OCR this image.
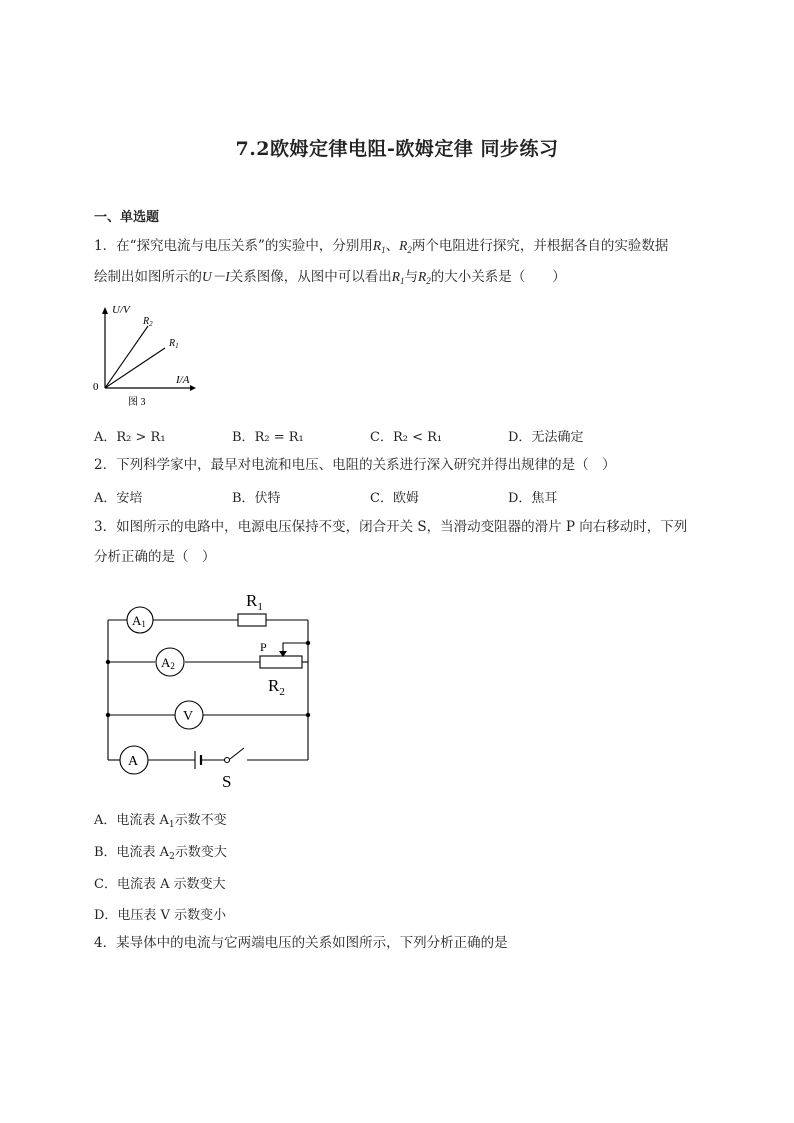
7.2欧姆定律电阻-欧姆定律 同步练习
一、单选题
1．在“探究电流与电压关系”的实验中，分别用$R_1$、$R_2$两个电阻进行探究，并根据各自的实验数据
绘制出如图所示的U－I关系图像，从图中可以看出$R_1$与$R_2$的大小关系是（　　）
U/V
I/A
0
$R_2$
$R_1$
图 3
A．R₂ > R₁	B．R₂ = R₁	C．R₂ < R₁	D．无法确定
2．下列科学家中，最早对电流和电压、电阻的关系进行深入研究并得出规律的是（　）
A．安培	B．伏特	C．欧姆	D．焦耳
3．如图所示的电路中，电源电压保持不变，闭合开关 S，当滑动变阻器的滑片 P 向右移动时，下列
分析正确的是（　）
A1
A2
V
A
$R_1$
$R_2$
P
S
A．电流表 $A_1$示数不变
B．电流表 $A_2$示数变大
C．电流表 A 示数变大
D．电压表 V 示数变小
4．某导体中的电流与它两端电压的关系如图所示，下列分析正确的是
